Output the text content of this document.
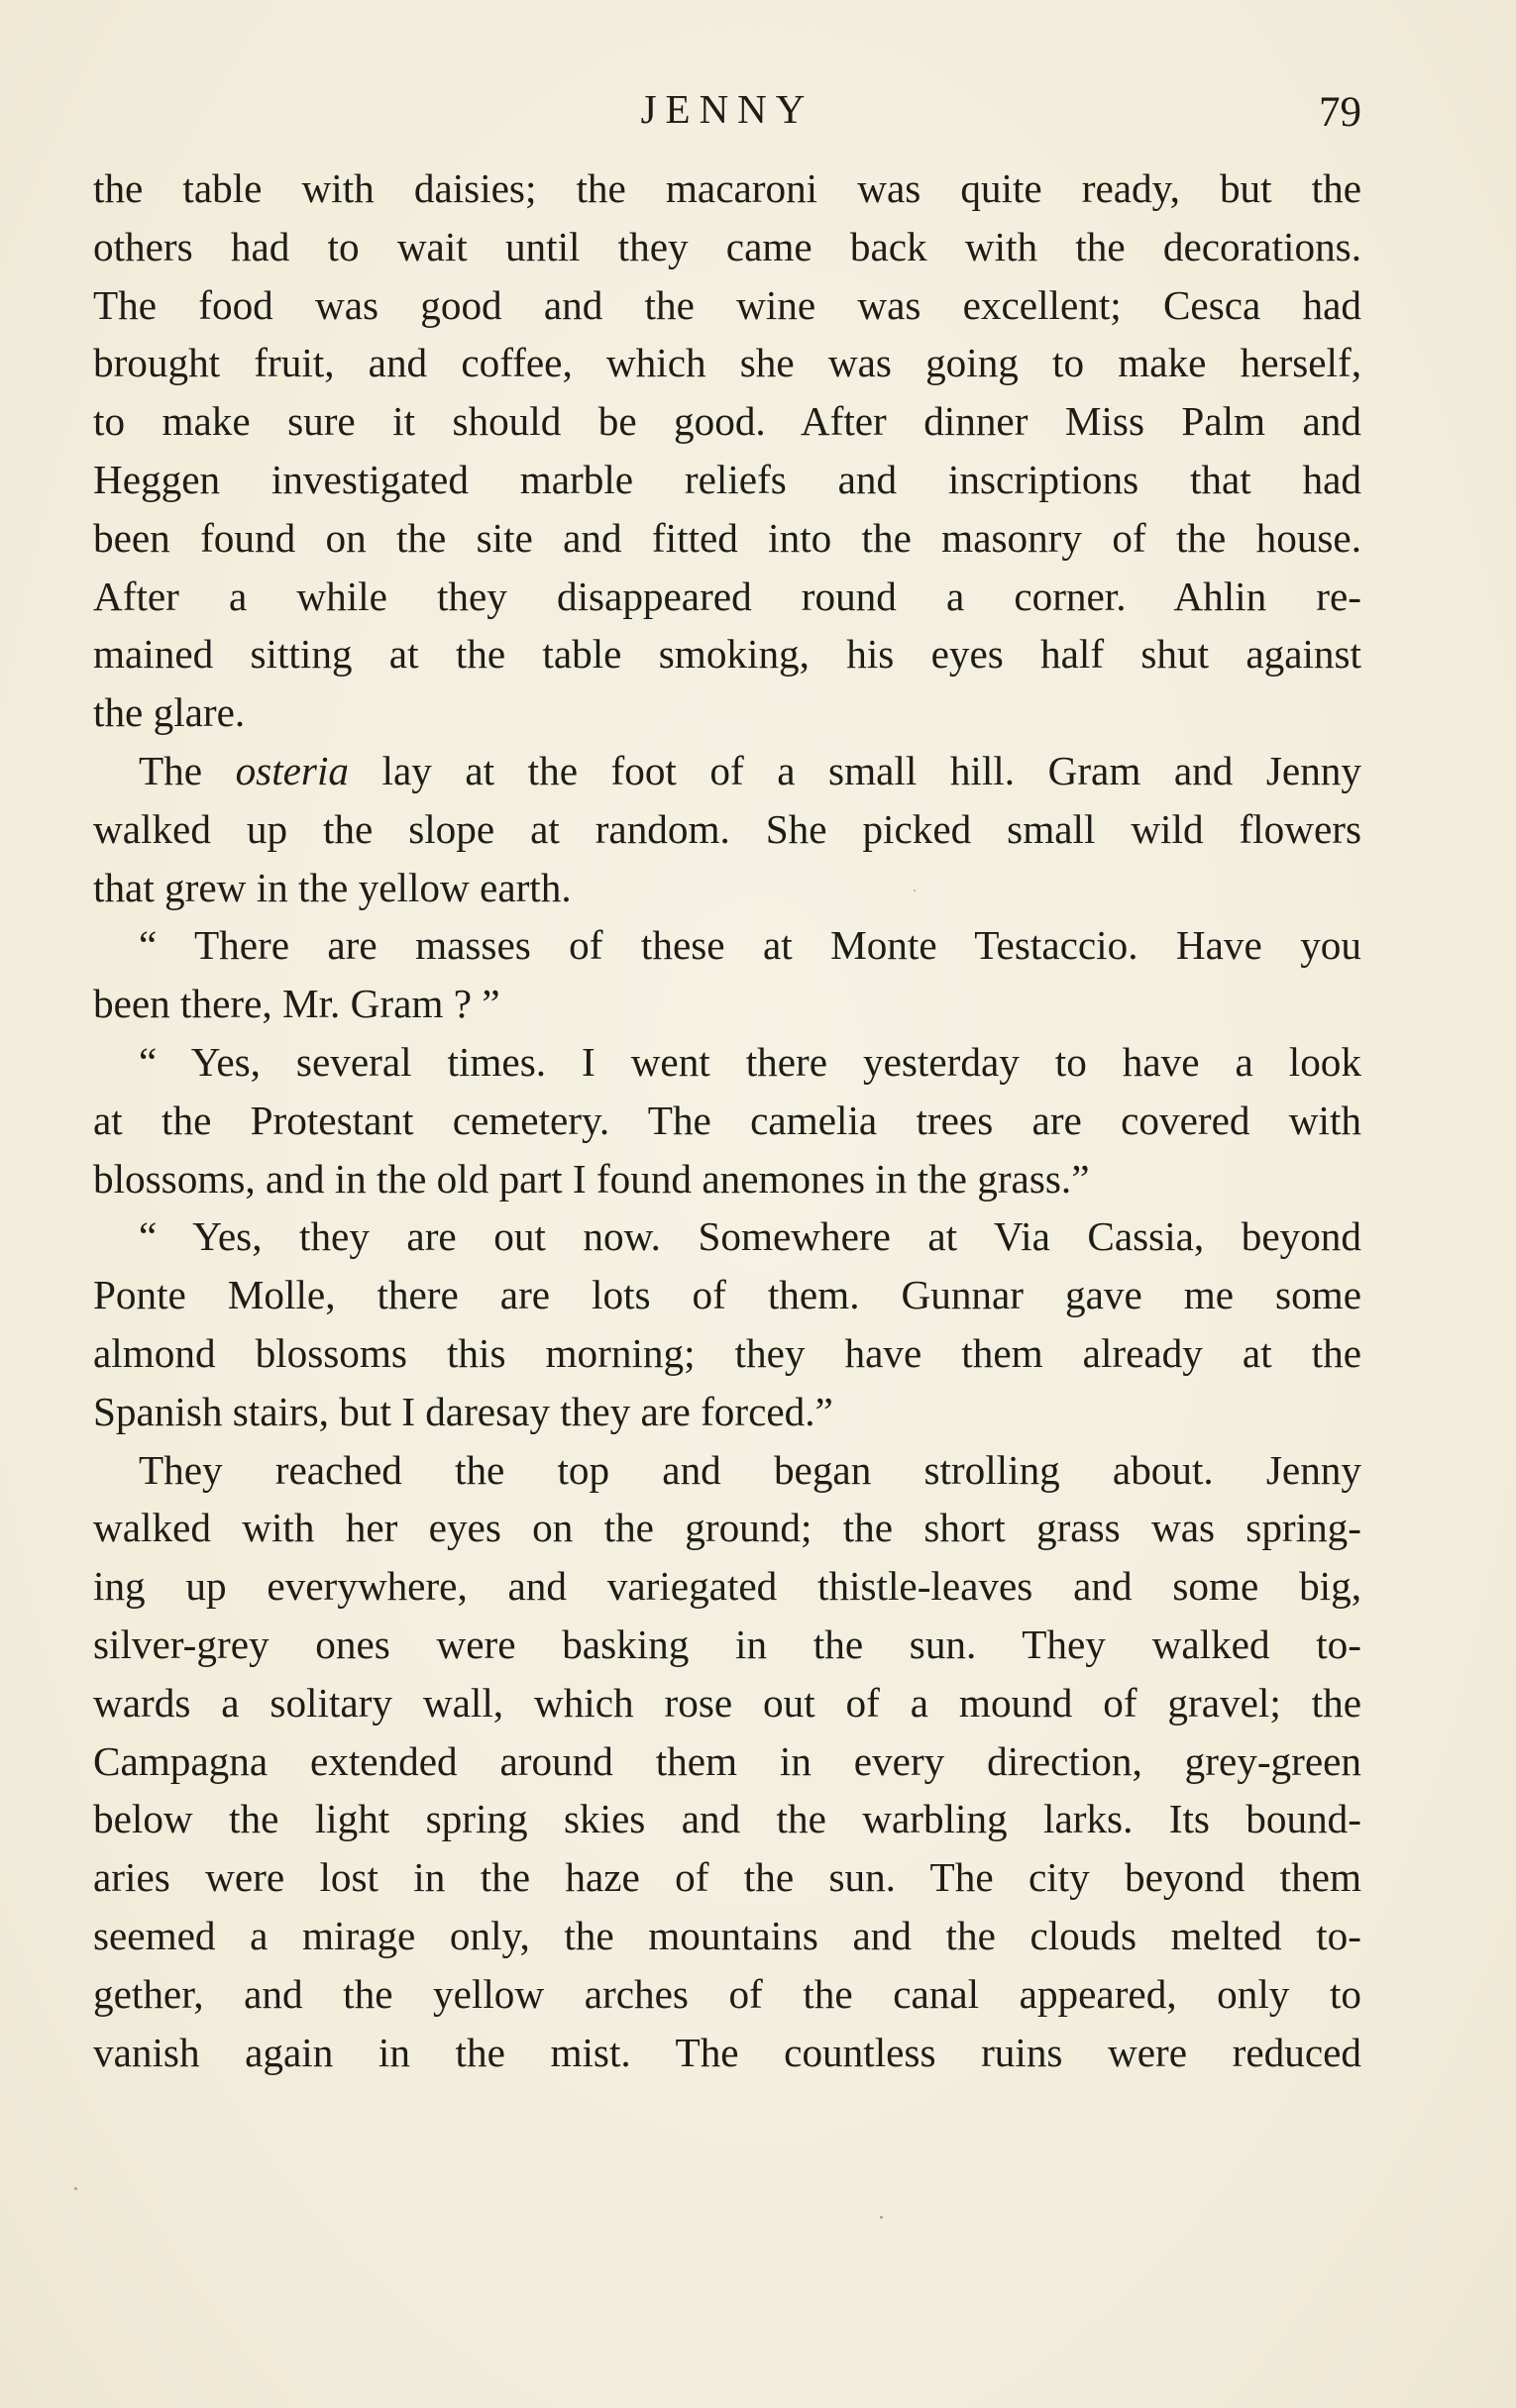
JENNY	79
the table with daisies; the macaroni was quite ready, but the
others had to wait until they came back with the decorations.
The food was good and the wine was excellent; Cesca had
brought fruit, and coffee, which she was going to make herself,
to make sure it should be good. After dinner Miss Palm and
Heggen investigated marble reliefs and inscriptions that had
been found on the site and fitted into the masonry of the house.
After a while they disappeared round a corner. Ahlin re-
mained sitting at the table smoking, his eyes half shut against
the glare.
The osteria lay at the foot of a small hill. Gram and Jenny
walked up the slope at random. She picked small wild flowers
that grew in the yellow earth.
“ There are masses of these at Monte Testaccio. Have you
been there, Mr. Gram ? ”
“ Yes, several times. I went there yesterday to have a look
at the Protestant cemetery. The camelia trees are covered with
blossoms, and in the old part I found anemones in the grass.”
“ Yes, they are out now. Somewhere at Via Cassia, beyond
Ponte Molle, there are lots of them. Gunnar gave me some
almond blossoms this morning; they have them already at the
Spanish stairs, but I daresay they are forced.”
They reached the top and began strolling about. Jenny
walked with her eyes on the ground; the short grass was spring-
ing up everywhere, and variegated thistle-leaves and some big,
silver-grey ones were basking in the sun. They walked to-
wards a solitary wall, which rose out of a mound of gravel; the
Campagna extended around them in every direction, grey-green
below the light spring skies and the warbling larks. Its bound-
aries were lost in the haze of the sun. The city beyond them
seemed a mirage only, the mountains and the clouds melted to-
gether, and the yellow arches of the canal appeared, only to
vanish again in the mist. The countless ruins were reduced
